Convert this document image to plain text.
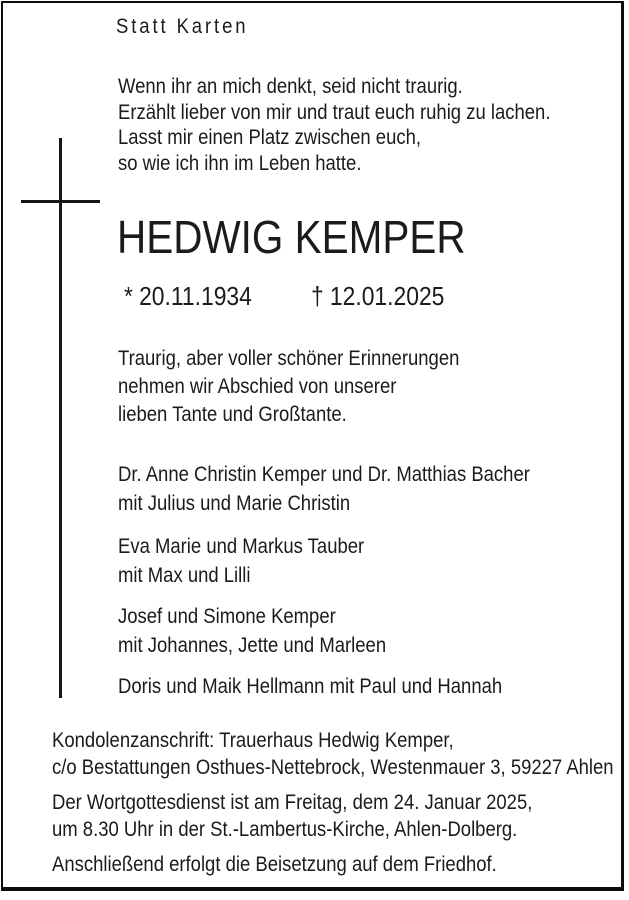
Statt Karten
Wenn ihr an mich denkt, seid nicht traurig.
Erzählt lieber von mir und traut euch ruhig zu lachen.
Lasst mir einen Platz zwischen euch,
so wie ich ihn im Leben hatte.
HEDWIG KEMPER
* 20.11.1934 † 12.01.2025
Traurig, aber voller schöner Erinnerungen
nehmen wir Abschied von unserer
lieben Tante und Großtante.
Dr. Anne Christin Kemper und Dr. Matthias Bacher
mit Julius und Marie Christin
Eva Marie und Markus Tauber
mit Max und Lilli
Josef und Simone Kemper
mit Johannes, Jette und Marleen
Doris und Maik Hellmann mit Paul und Hannah
Kondolenzanschrift: Trauerhaus Hedwig Kemper,
c/o Bestattungen Osthues-Nettebrock, Westenmauer 3, 59227 Ahlen
Der Wortgottesdienst ist am Freitag, dem 24. Januar 2025,
um 8.30 Uhr in der St.-Lambertus-Kirche, Ahlen-Dolberg.
Anschließend erfolgt die Beisetzung auf dem Friedhof.
